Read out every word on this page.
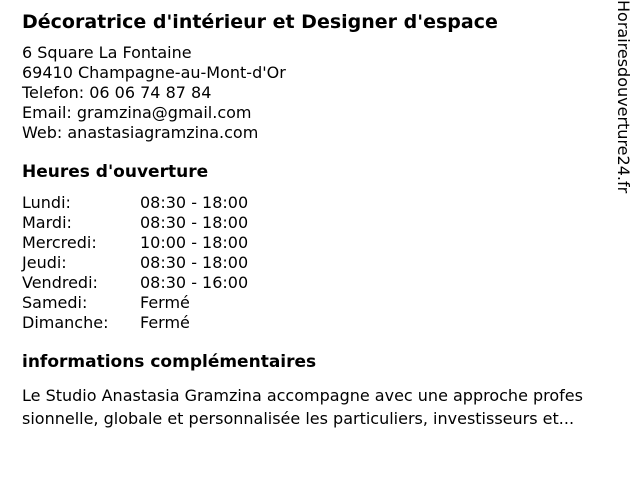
Décoratrice d'intérieur et Designer d'espace
6 Square La Fontaine
69410 Champagne-au-Mont-d'Or
Telefon: 06 06 74 87 84
Email: gramzina@gmail.com
Web: anastasiagramzina.com
Heures d'ouverture
Lundi:	08:30 - 18:00
Mardi:	08:30 - 18:00
Mercredi:	10:00 - 18:00
Jeudi:	08:30 - 18:00
Vendredi:	08:30 - 16:00
Samedi:	Fermé
Dimanche:	Fermé
informations complémentaires
Le Studio Anastasia Gramzina accompagne avec une approche profes
sionnelle, globale et personnalisée les particuliers, investisseurs et...
Horairesdouverture24.fr
